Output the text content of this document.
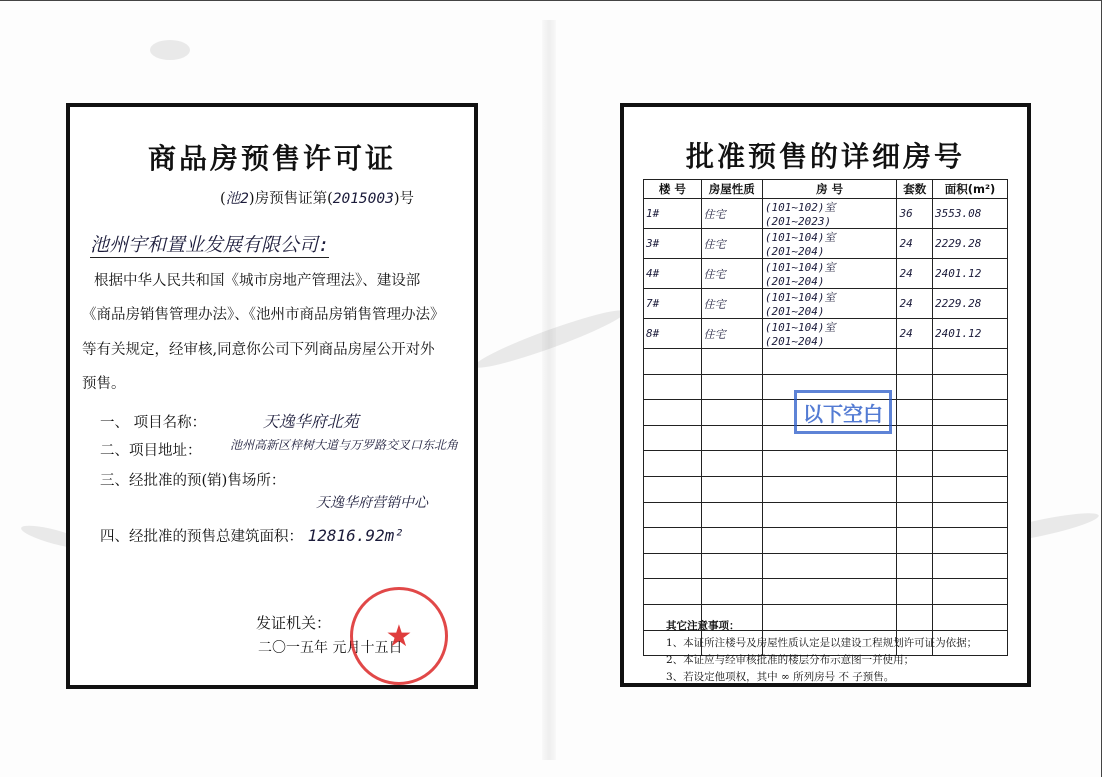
商品房预售许可证
(池2)房预售证第(2015003)号
池州宇和置业发展有限公司:
根据中华人民共和国《城市房地产管理法》、建设部
《商品房销售管理办法》、《池州市商品房销售管理办法》
等有关规定，经审核,同意你公司下列商品房屋公开对外
预售。
一、 项目名称：	天逸华府北苑
二、项目地址： 池州高新区梓树大道与万罗路交叉口东北角
三、经批准的预(销)售场所：
天逸华府营销中心
四、经批准的预售总建筑面积： 12816.92m²
发证机关：
二〇一五年 元月十五日
★
批准预售的详细房号
楼 号	房屋性质	房 号	套数	面积(m²)
1#	住宅	(101~102)室(201~2023)	36	3553.08
3#	住宅	(101~104)室(201~204)	24	2229.28
4#	住宅	(101~104)室(201~204)	24	2401.12
7#	住宅	(101~104)室(201~204)	24	2229.28
8#	住宅	(101~104)室(201~204)	24	2401.12

以下空白
其它注意事项：
1、本证所注楼号及房屋性质认定是以建设工程规划许可证为依据；
2、本证应与经审核批准的楼层分布示意图一并使用；
3、若设定他项权，其中 ∞ 所列房号 不 子预售。
